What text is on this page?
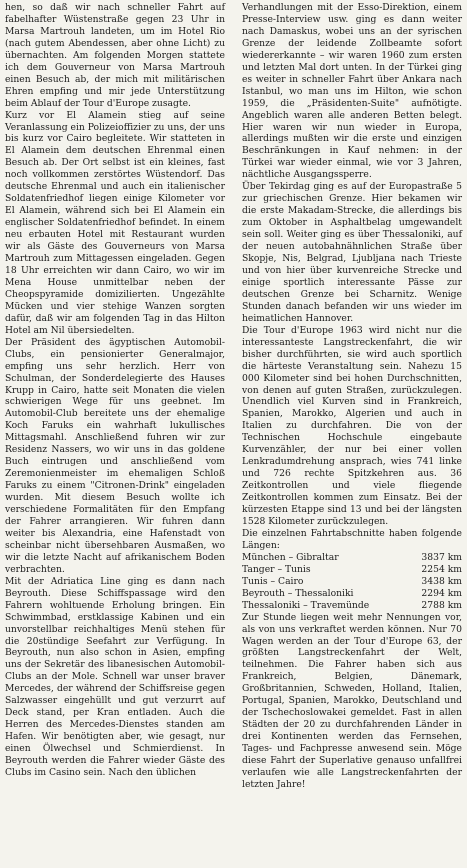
hen, so daß wir nach schneller Fahrt auf fabelhafter Wüstenstraße gegen 23 Uhr in Marsa Martrouh landeten, um im Hotel Rio (nach gutem Abendessen, aber ohne Licht) zu übernachten. Am folgenden Morgen stattete ich dem Gouverneur von Marsa Martrouh einen Besuch ab, der mich mit militärischen Ehren empfing und mir jede Unterstützung beim Ablauf der Tour d'Europe zusagte.

Kurz vor El Alamein stieg auf seine Veranlassung ein Polizeioffizier zu uns, der uns bis kurz vor Cairo begleitete. Wir statteten in El Alamein dem deutschen Ehrenmal einen Besuch ab. Der Ort selbst ist ein kleines, fast noch vollkommen zerstörtes Wüstendorf. Das deutsche Ehrenmal und auch ein italienischer Soldatenfriedhof liegen einige Kilometer vor El Alamein, während sich bei El Alamein ein englischer Soldatenfriedhof befindet. In einem neu erbauten Hotel mit Restaurant wurden wir als Gäste des Gouverneurs von Marsa Martrouh zum Mittagessen eingeladen. Gegen 18 Uhr erreichten wir dann Cairo, wo wir im Mena House unmittelbar neben der Cheopspyramide domizilierten. Ungezählte Mücken und vier stehige Wanzen sorgten dafür, daß wir am folgenden Tag in das Hilton Hotel am Nil übersiedelten.

Der Präsident des ägyptischen Automobil-Clubs, ein pensionierter Generalmajor, empfing uns sehr herzlich. Herr von Schulman, der Sonderdelegierte des Hauses Krupp in Cairo, hatte seit Monaten die vielen schwierigen Wege für uns geebnet. Im Automobil-Club bereitete uns der ehemalige Koch Faruks ein wahrhaft lukullisches Mittagsmahl. Anschließend fuhren wir zur Residenz Nassers, wo wir uns in das goldene Buch eintrugen und anschließend vom Zeremonienmeister im ehemaligen Schloß Faruks zu einem "Citronen-Drink" eingeladen wurden. Mit diesem Besuch wollte ich verschiedene Formalitäten für den Empfang der Fahrer arrangieren. Wir fuhren dann weiter bis Alexandria, eine Hafenstadt von scheinbar nicht übersehbaren Ausmaßen, wo wir die letzte Nacht auf afrikanischem Boden verbrachten.

Mit der Adriatica Line ging es dann nach Beyrouth. Diese Schiffspassage wird den Fahrern wohltuende Erholung bringen. Ein Schwimmbad, erstklassige Kabinen und ein unvorstellbar reichhaltiges Menü stehen für die 20stündige Seefahrt zur Verfügung. In Beyrouth, nun also schon in Asien, empfing uns der Sekretär des libanesischen Automobil-Clubs an der Mole. Schnell war unser braver Mercedes, der während der Schiffsreise gegen Salzwasser eingehüllt und gut verzurrt auf Deck stand, per Kran entladen. Auch die Herren des Mercedes-Dienstes standen am Hafen. Wir benötigten aber, wie gesagt, nur einen Ölwechsel und Schmierdienst. In Beyrouth werden die Fahrer wieder Gäste des Clubs im Casino sein. Nach den üblichen

Verhandlungen mit der Esso-Direktion, einem Presse-Interview usw. ging es dann weiter nach Damaskus, wobei uns an der syrischen Grenze der leidende Zollbeamte sofort wiedererkannte – wir waren 1960 zum ersten und letzten Mal dort unten. In der Türkei ging es weiter in schneller Fahrt über Ankara nach Istanbul, wo man uns im Hilton, wie schon 1959, die „Präsidenten-Suite" aufnötigte. Angeblich waren alle anderen Betten belegt. Hier waren wir nun wieder in Europa, allerdings mußten wir die erste und einzigen Beschränkungen in Kauf nehmen: in der Türkei war wieder einmal, wie vor 3 Jahren, nächtliche Ausgangssperre.

Über Tekirdag ging es auf der Europastraße 5 zur griechischen Grenze. Hier bekamen wir die erste Makadam-Strecke, die allerdings bis zum Oktober in Asphaltbelag umgewandelt sein soll. Weiter ging es über Thessaloniki, auf der neuen autobahnähnlichen Straße über Skopje, Nis, Belgrad, Ljubljana nach Trieste und von hier über kurvenreiche Strecke und einige sportlich interessante Pässe zur deutschen Grenze bei Scharnitz. Wenige Stunden danach befanden wir uns wieder im heimatlichen Hannover.

Die Tour d'Europe 1963 wird nicht nur die interessanteste Langstreckenfahrt, die wir bisher durchführten, sie wird auch sportlich die härteste Veranstaltung sein. Nahezu 15 000 Kilometer sind bei hohen Durchschnitten, von denen auf guten Straßen, zurückzulegen. Unendlich viel Kurven sind in Frankreich, Spanien, Marokko, Algerien und auch in Italien zu durchfahren. Die von der Technischen Hochschule eingebaute Kurvenzähler, der nur bei einer vollen Lenkradumdrehung ansprach, wies 741 linke und 726 rechte Spitzkehren aus. 36 Zeitkontrollen und viele fliegende Zeitkontrollen kommen zum Einsatz. Bei der kürzesten Etappe sind 13 und bei der längsten 1528 Kilometer zurückzulegen.

Die einzelnen Fahrtabschnitte haben folgende Längen:

München – Gibraltar	3837 km
Tanger – Tunis	2254 km
Tunis – Cairo	3438 km
Beyrouth – Thessaloniki	2294 km
Thessaloniki – Travemünde	2788 km

Zur Stunde liegen weit mehr Nennungen vor, als von uns verkraftet werden können. Nur 70 Wagen werden an der Tour d'Europe 63, der größten Langstreckenfahrt der Welt, teilnehmen. Die Fahrer haben sich aus Frankreich, Belgien, Dänemark, Großbritannien, Schweden, Holland, Italien, Portugal, Spanien, Marokko, Deutschland und der Tschechoslowakei gemeldet. Fast in allen Städten der 20 zu durchfahrenden Länder in drei Kontinenten werden das Fernsehen, Tages- und Fachpresse anwesend sein. Möge diese Fahrt der Superlative genauso unfallfrei verlaufen wie alle Langstreckenfahrten der letzten Jahre!
